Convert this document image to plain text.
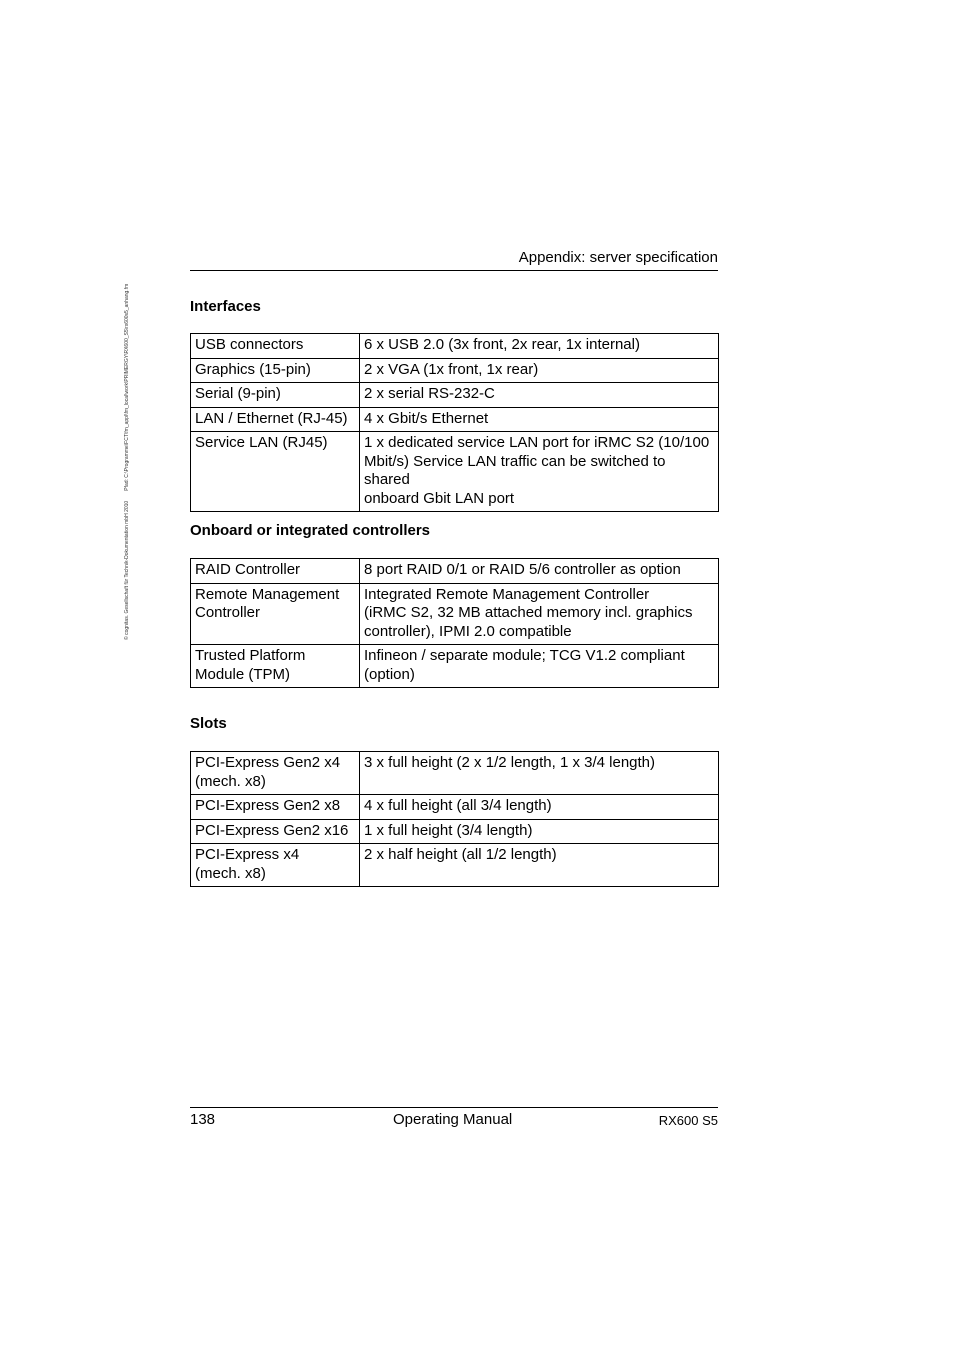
© cognitas. Gesellschaft für Technik-Dokumentation mbH 2010
Pfad: C:\Programme\FCT\fm_appl\fm_local\work\PRIMERGY\RX600_S5\rx600s5_anhang.fm
Appendix: server specification
Interfaces
USB connectors	6 x USB 2.0 (3x front, 2x rear, 1x internal)
Graphics (15-pin)	2 x VGA (1x front, 1x rear)
Serial (9-pin)	2 x serial RS-232-C
LAN / Ethernet (RJ-45)	4 x Gbit/s Ethernet
Service LAN (RJ45)	1 x dedicated service LAN port for iRMC S2 (10/100
Mbit/s) Service LAN traffic can be switched to shared
onboard Gbit LAN port
Onboard or integrated controllers
RAID Controller	8 port RAID 0/1 or RAID 5/6 controller as option
Remote Management
Controller	Integrated Remote Management Controller
(iRMC S2, 32 MB attached memory incl. graphics
controller), IPMI 2.0 compatible
Trusted Platform
Module (TPM)	Infineon / separate module; TCG V1.2 compliant
(option)
Slots
PCI-Express Gen2 x4
(mech. x8)	3 x full height (2 x 1/2 length, 1 x 3/4 length)
PCI-Express Gen2 x8	4 x full height (all 3/4 length)
PCI-Express Gen2 x16	1 x full height (3/4 length)
PCI-Express x4
(mech. x8)	2 x half height (all 1/2 length)
138	Operating Manual	RX600 S5
